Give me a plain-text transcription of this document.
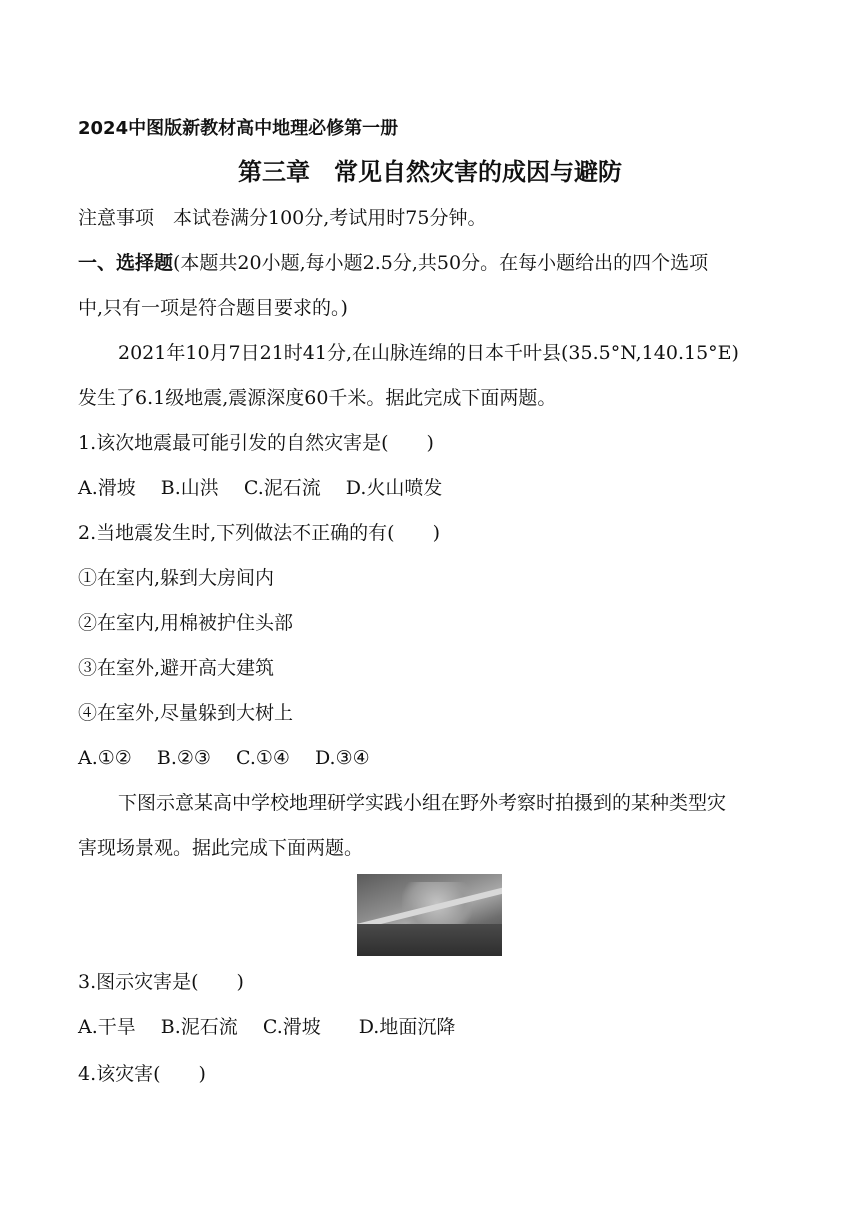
2024中图版新教材高中地理必修第一册
第三章　常见自然灾害的成因与避防
注意事项　本试卷满分100分,考试用时75分钟。
一、选择题(本题共20小题,每小题2.5分,共50分。在每小题给出的四个选项
中,只有一项是符合题目要求的。)
2021年10月7日21时41分,在山脉连绵的日本千叶县(35.5°N,140.15°E)
发生了6.1级地震,震源深度60千米。据此完成下面两题。
1.该次地震最可能引发的自然灾害是(　　)
A.滑坡　 B.山洪　 C.泥石流　 D.火山喷发
2.当地震发生时,下列做法不正确的有(　　)
①在室内,躲到大房间内
②在室内,用棉被护住头部
③在室外,避开高大建筑
④在室外,尽量躲到大树上
A.①②　 B.②③　 C.①④　 D.③④
下图示意某高中学校地理研学实践小组在野外考察时拍摄到的某种类型灾
害现场景观。据此完成下面两题。
3.图示灾害是(　　)
A.干旱　 B.泥石流　 C.滑坡　　D.地面沉降
4.该灾害(　　)
